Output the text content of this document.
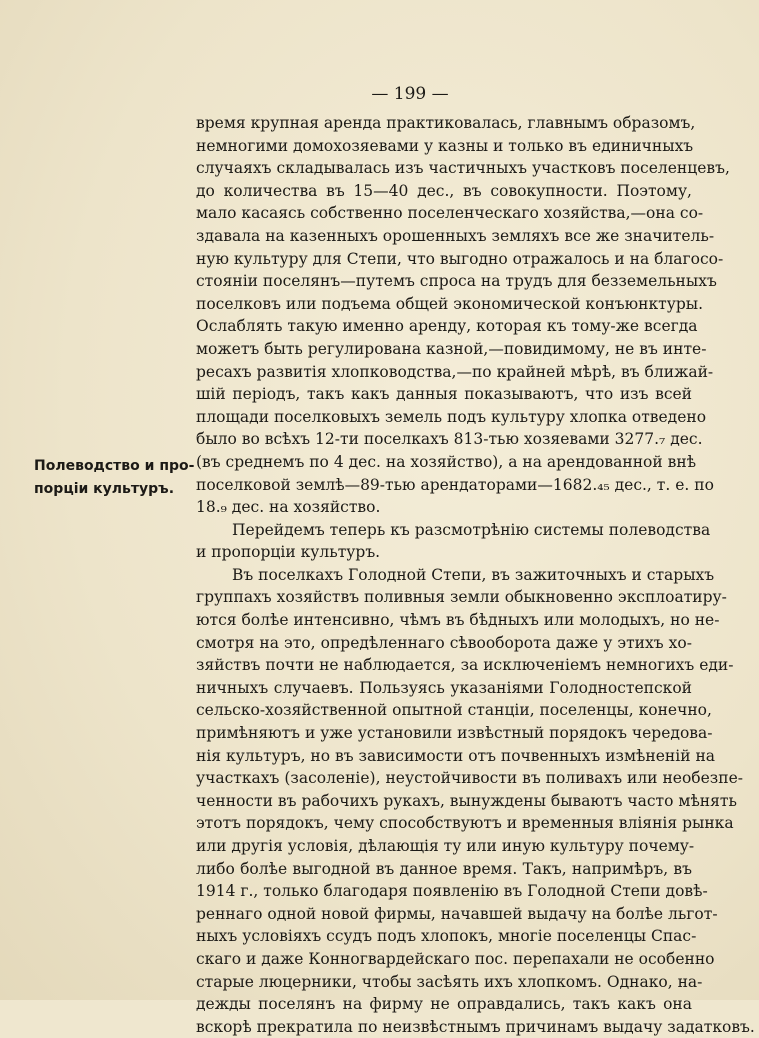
— 199 —
Полеводство и про-
порціи культуръ.
время крупная аренда практиковалась, главнымъ образомъ,
немногими домохозяевами у казны и только въ единичныхъ
случаяхъ складывалась изъ частичныхъ участковъ поселенцевъ,
до количества въ 15—40 дес., въ совокупности. Поэтому,
мало касаясь собственно поселенческаго хозяйства,—она со-
здавала на казенныхъ орошенныхъ земляхъ все же значитель-
ную культуру для Степи, что выгодно отражалось и на благосо-
стояніи поселянъ—путемъ спроса на трудъ для безземельныхъ
поселковъ или подъема общей экономической конъюнктуры.
Ослаблять такую именно аренду, которая къ тому-же всегда
можетъ быть регулирована казной,—повидимому, не въ инте-
ресахъ развитія хлопководства,—по крайней мѣрѣ, въ ближай-
шій періодъ, такъ какъ данныя показываютъ, что изъ всей
площади поселковыхъ земель подъ культуру хлопка отведено
было во всѣхъ 12-ти поселкахъ 813-тью хозяевами 3277.₇ дес.
(въ среднемъ по 4 дес. на хозяйство), а на арендованной внѣ
поселковой землѣ—89-тью арендаторами—1682.₄₅ дес., т. е. по
18.₉ дес. на хозяйство.
Перейдемъ теперь къ разсмотрѣнію системы полеводства
и пропорціи культуръ.
Въ поселкахъ Голодной Степи, въ зажиточныхъ и старыхъ
группахъ хозяйствъ поливныя земли обыкновенно эксплоатиру-
ются болѣе интенсивно, чѣмъ въ бѣдныхъ или молодыхъ, но не-
смотря на это, опредѣленнаго сѣвооборота даже у этихъ хо-
зяйствъ почти не наблюдается, за исключеніемъ немногихъ еди-
ничныхъ случаевъ. Пользуясь указаніями Голодностепской
сельско-хозяйственной опытной станціи, поселенцы, конечно,
примѣняютъ и уже установили извѣстный порядокъ чередова-
нія культуръ, но въ зависимости отъ почвенныхъ измѣненій на
участкахъ (засоленіе), неустойчивости въ поливахъ или необезпе-
ченности въ рабочихъ рукахъ, вынуждены бываютъ часто мѣнять
этотъ порядокъ, чему способствуютъ и временныя вліянія рынка
или другія условія, дѣлающія ту или иную культуру почему-
либо болѣе выгодной въ данное время. Такъ, напримѣръ, въ
1914 г., только благодаря появленію въ Голодной Степи довѣ-
реннаго одной новой фирмы, начавшей выдачу на болѣе льгот-
ныхъ условіяхъ ссудъ подъ хлопокъ, многіе поселенцы Спас-
скаго и даже Конногвардейскаго пос. перепахали не особенно
старые люцерники, чтобы засѣять ихъ хлопкомъ. Однако, на-
дежды поселянъ на фирму не оправдались, такъ какъ она
вскорѣ прекратила по неизвѣстнымъ причинамъ выдачу задатковъ.
